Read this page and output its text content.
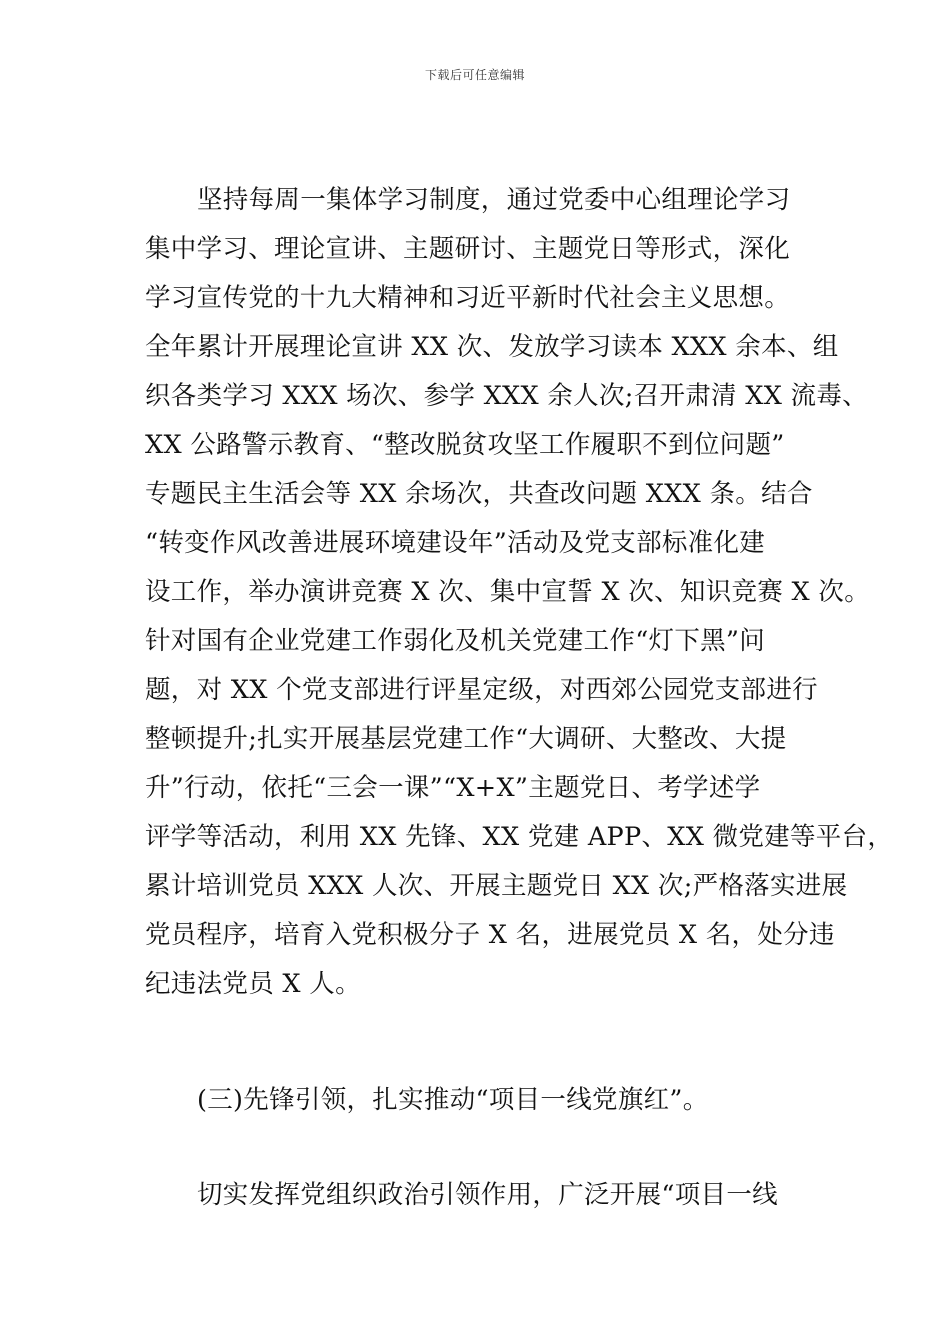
下载后可任意编辑
坚持每周一集体学习制度，通过党委中心组理论学习
集中学习、理论宣讲、主题研讨、主题党日等形式，深化
学习宣传党的十九大精神和习近平新时代社会主义思想。
全年累计开展理论宣讲 XX 次、发放学习读本 XXX 余本、组
织各类学习 XXX 场次、参学 XXX 余人次;召开肃清 XX 流毒、
XX 公路警示教育、“整改脱贫攻坚工作履职不到位问题”
专题民主生活会等 XX 余场次，共查改问题 XXX 条。结合
“转变作风改善进展环境建设年”活动及党支部标准化建
设工作，举办演讲竞赛 X 次、集中宣誓 X 次、知识竞赛 X 次。
针对国有企业党建工作弱化及机关党建工作“灯下黑”问
题，对 XX 个党支部进行评星定级，对西郊公园党支部进行
整顿提升;扎实开展基层党建工作“大调研、大整改、大提
升”行动，依托“三会一课”“X+X”主题党日、考学述学
评学等活动，利用 XX 先锋、XX 党建 APP、XX 微党建等平台，
累计培训党员 XXX 人次、开展主题党日 XX 次;严格落实进展
党员程序，培育入党积极分子 X 名，进展党员 X 名，处分违
纪违法党员 X 人。
(三)先锋引领，扎实推动“项目一线党旗红”。
切实发挥党组织政治引领作用，广泛开展“项目一线
